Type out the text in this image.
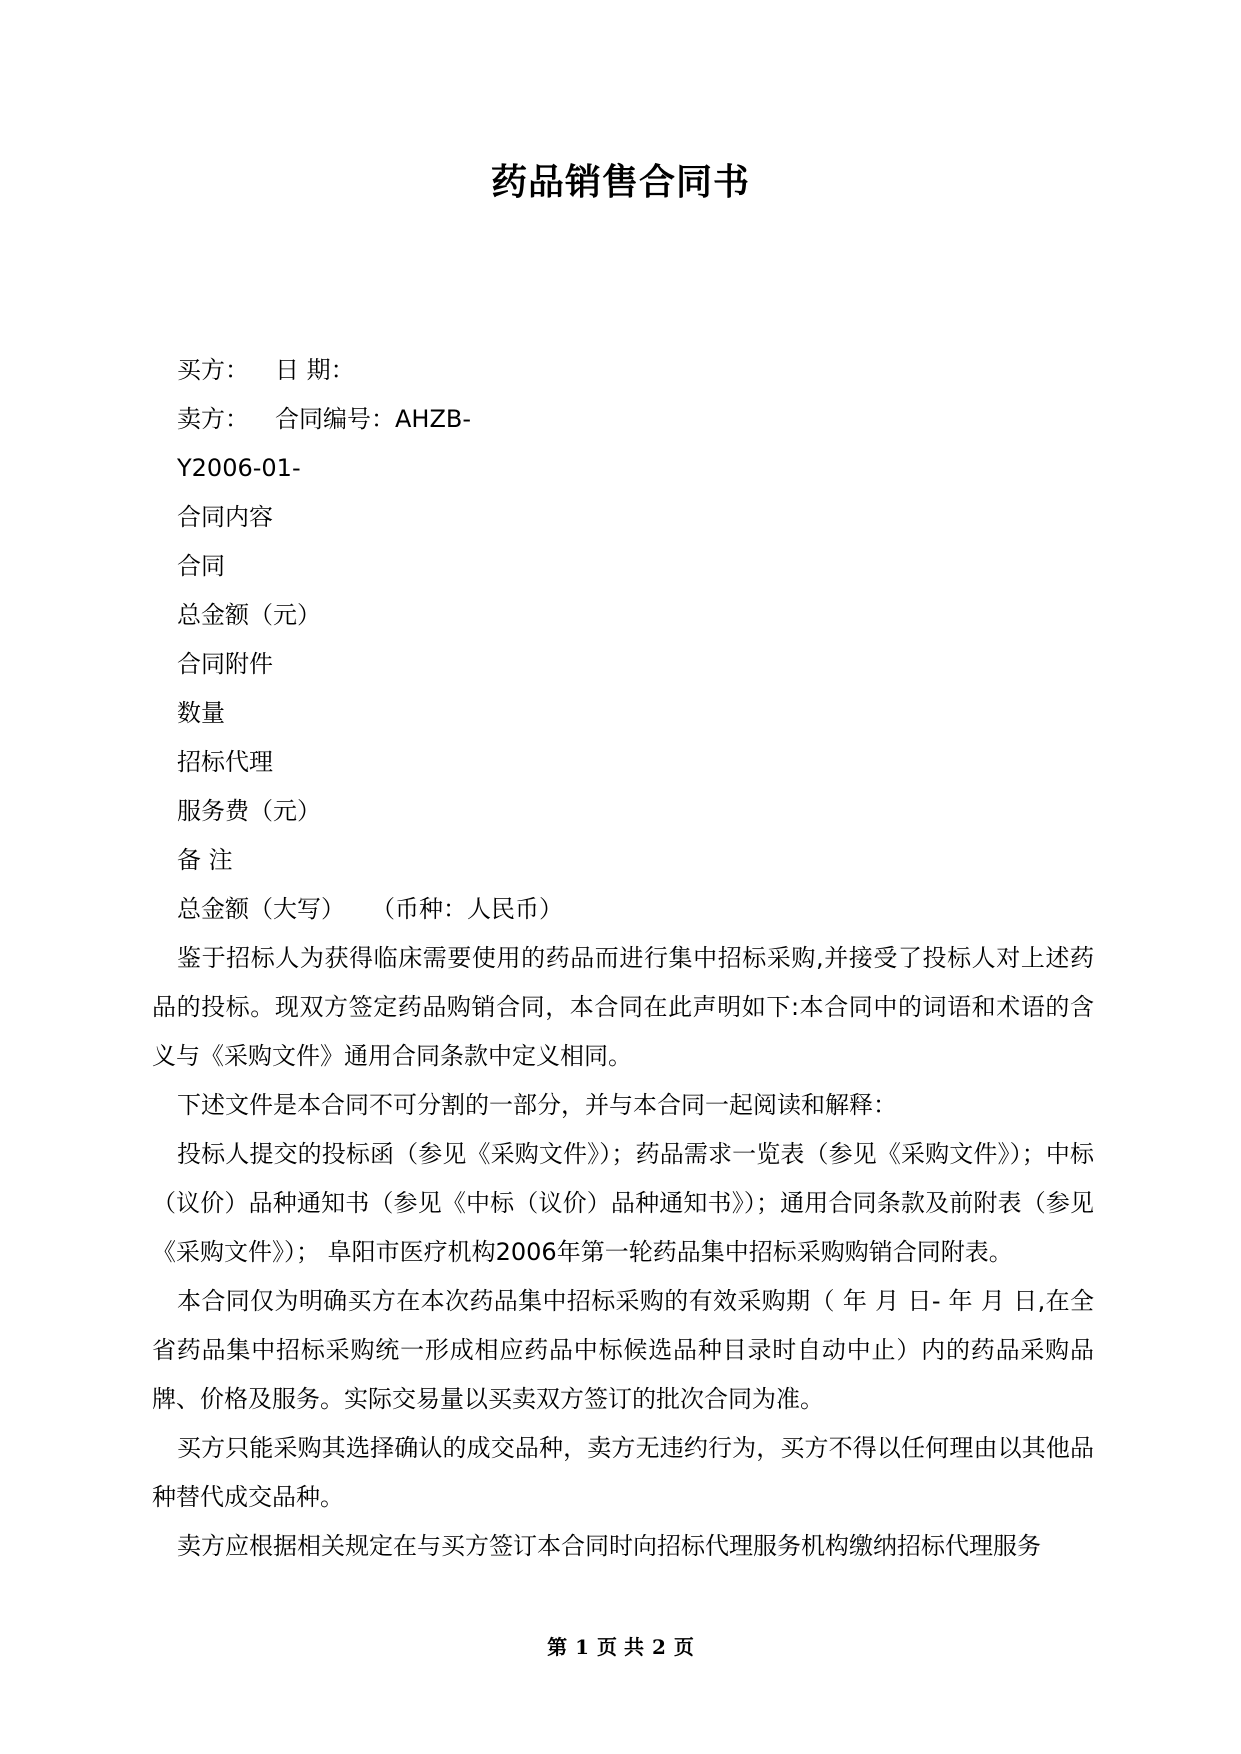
药品销售合同书
买方： 日 期：
卖方： 合同编号：AHZB-
Y2006-01-
合同内容
合同
总金额（元）
合同附件
数量
招标代理
服务费（元）
备 注
总金额（大写） （币种：人民币）
鉴于招标人为获得临床需要使用的药品而进行集中招标采购,并接受了投标人对上述药品的投标。现双方签定药品购销合同，本合同在此声明如下:本合同中的词语和术语的含义与《采购文件》通用合同条款中定义相同。
下述文件是本合同不可分割的一部分，并与本合同一起阅读和解释：
投标人提交的投标函（参见《采购文件》）；药品需求一览表（参见《采购文件》）；中标（议价）品种通知书（参见《中标（议价）品种通知书》）；通用合同条款及前附表（参见《采购文件》）； 阜阳市医疗机构2006年第一轮药品集中招标采购购销合同附表。
本合同仅为明确买方在本次药品集中招标采购的有效采购期（ 年 月 日- 年 月 日,在全省药品集中招标采购统一形成相应药品中标候选品种目录时自动中止）内的药品采购品牌、价格及服务。实际交易量以买卖双方签订的批次合同为准。
买方只能采购其选择确认的成交品种，卖方无违约行为，买方不得以任何理由以其他品种替代成交品种。
卖方应根据相关规定在与买方签订本合同时向招标代理服务机构缴纳招标代理服务
第 1 页 共 2 页
